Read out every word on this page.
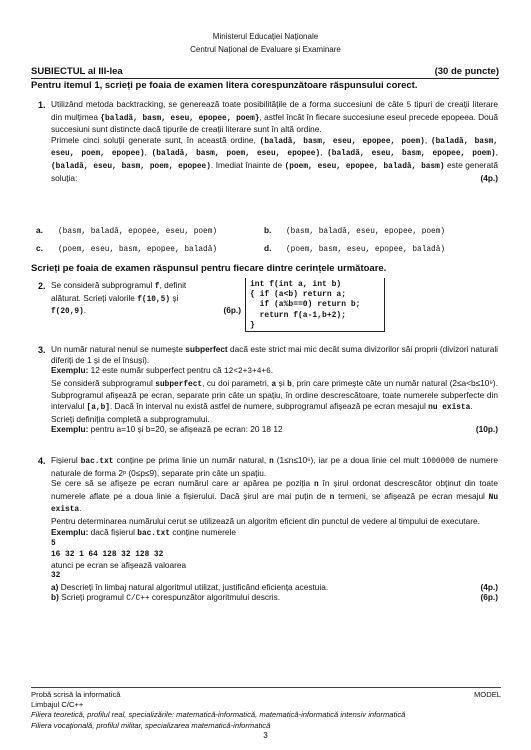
Ministerul Educației Naționale
Centrul Național de Evaluare și Examinare
SUBIECTUL al III-lea	(30 de puncte)
Pentru itemul 1, scrieți pe foaia de examen litera corespunzătoare răspunsului corect.
1. Utilizând metoda backtracking, se generează toate posibilitățile de a forma succesiuni de câte 5 tipuri de creații literare din mulțimea {baladă, basm, eseu, epopee, poem}, astfel încât în fiecare succesiune eseul precede epopeea. Două succesiuni sunt distincte dacă tipurile de creații literare sunt în altă ordine.

Primele cinci soluții generate sunt, în această ordine, (baladă, basm, eseu, epopee, poem), (baladă, basm, eseu, poem, epopee), (baladă, basm, poem, eseu, epopee), (baladă, eseu, basm, epopee, poem), (baladă, eseu, basm, poem, epopee). Imediat înainte de (poem, eseu, epopee, baladă, basm) este generată soluția:	(4p.)

a. (basm, baladă, epopee, eseu, poem)	b. (basm, baladă, eseu, epopee, poem)
c. (poem, eseu, basm, epopee, baladă)	d. (poem, basm, eseu, epopee, baladă)
Scrieți pe foaia de examen răspunsul pentru fiecare dintre cerințele următoare.
2. Se consideră subprogramul f, definit

alăturat. Scrieți valorile f(10,5) și

f(20,9).	(6p.)

int f(int a, int b)
{ if (a<b) return a;
if (a%b==0) return b;
return f(a-1,b+2);
}
3. Un număr natural nenul se numește subperfect dacă este strict mai mic decât suma divizorilor săi proprii (divizori naturali diferiți de 1 și de el însuși).

Exemplu: 12 este număr subperfect pentru că 12<2+3+4+6.

Se consideră subprogramul subperfect, cu doi parametri, a și b, prin care primește câte un număr natural (2≤a<b≤10⁹). Subprogramul afișează pe ecran, separate prin câte un spațiu, în ordine descrescătoare, toate numerele subperfecte din intervalul [a,b]. Dacă în interval nu există astfel de numere, subprogramul afișează pe ecran mesajul nu exista.

Scrieți definiția completă a subprogramului.

Exemplu: pentru a=10 și b=20, se afișează pe ecran: 20 18 12	(10p.)

4. Fișierul bac.txt conține pe prima linie un număr natural, n (1≤n≤10⁶), iar pe a doua linie cel mult 1000000 de numere naturale de forma 2ᵖ (0≤p≤9), separate prin câte un spațiu.

Se cere să se afișeze pe ecran numărul care ar apărea pe poziția n în șirul ordonat descrescător obținut din toate numerele aflate pe a doua linie a fișierului. Dacă șirul are mai puțin de n termeni, se afișează pe ecran mesajul Nu exista.

Pentru determinarea numărului cerut se utilizează un algoritm eficient din punctul de vedere al timpului de executare.

Exemplu: dacă fișierul bac.txt conține numerele

5

16 32 1 64 128 32 128 32

atunci pe ecran se afișează valoarea

32

a) Descrieți în limbaj natural algoritmul utilizat, justificând eficiența acestuia.	(4p.)

b) Scrieți programul C/C++ corespunzător algoritmului descris.	(6p.)

Probă scrisă la informatică	MODEL
Limbajul C/C++
Filiera teoretică, profilul real, specializările: matematică-informatică, matematică-informatică intensiv informatică
Filiera vocațională, profilul militar, specializarea matematică-informatică
3
